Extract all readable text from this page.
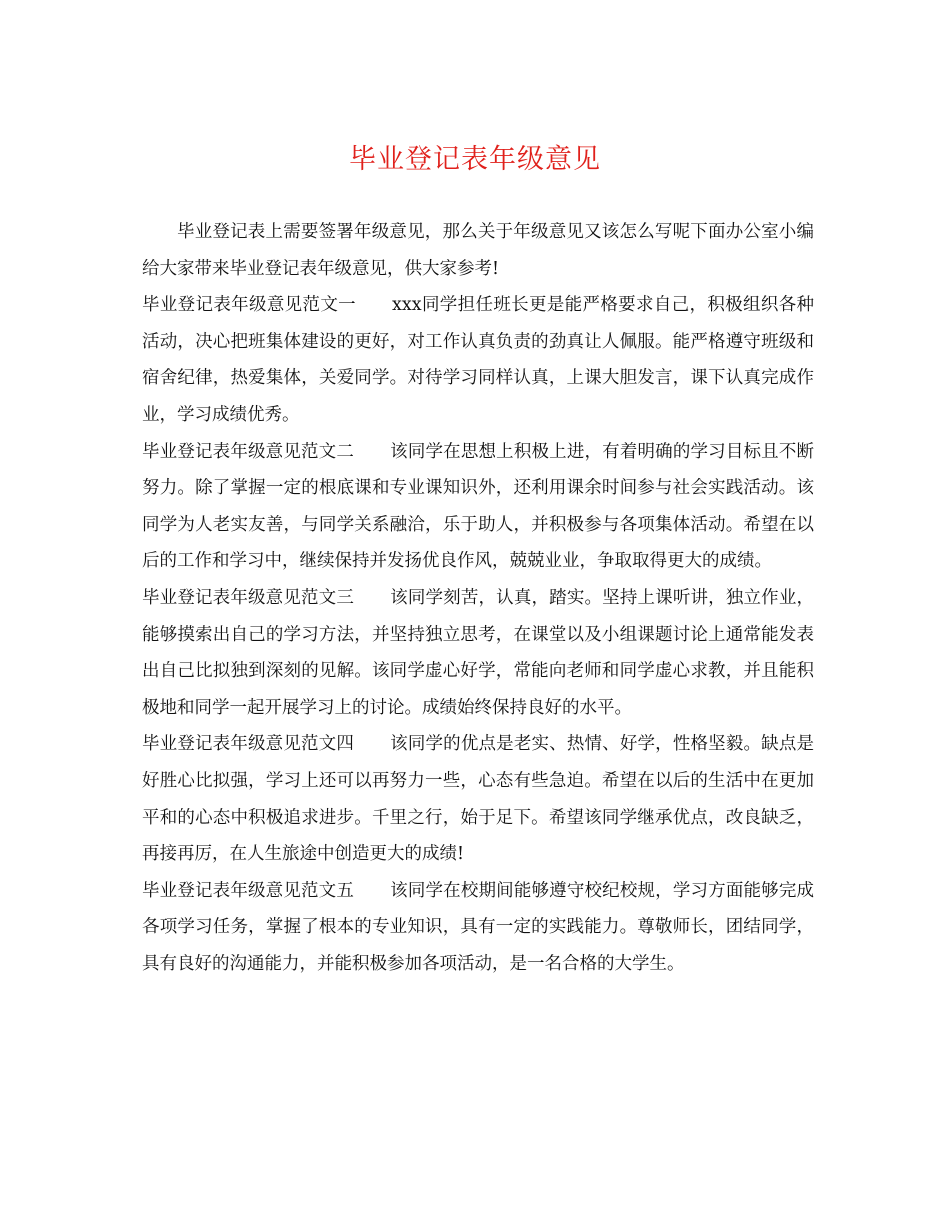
毕业登记表年级意见

毕业登记表上需要签署年级意见，那么关于年级意见又该怎么写呢下面办公室小编给大家带来毕业登记表年级意见，供大家参考!

毕业登记表年级意见范文一 xxx同学担任班长更是能严格要求自己，积极组织各种活动，决心把班集体建设的更好，对工作认真负责的劲真让人佩服。能严格遵守班级和宿舍纪律，热爱集体，关爱同学。对待学习同样认真，上课大胆发言，课下认真完成作业，学习成绩优秀。

毕业登记表年级意见范文二 该同学在思想上积极上进，有着明确的学习目标且不断努力。除了掌握一定的根底课和专业课知识外，还利用课余时间参与社会实践活动。该同学为人老实友善，与同学关系融洽，乐于助人，并积极参与各项集体活动。希望在以后的工作和学习中，继续保持并发扬优良作风，兢兢业业，争取取得更大的成绩。

毕业登记表年级意见范文三 该同学刻苦，认真，踏实。坚持上课听讲，独立作业，能够摸索出自己的学习方法，并坚持独立思考，在课堂以及小组课题讨论上通常能发表出自己比拟独到深刻的见解。该同学虚心好学，常能向老师和同学虚心求教，并且能积极地和同学一起开展学习上的讨论。成绩始终保持良好的水平。

毕业登记表年级意见范文四 该同学的优点是老实、热情、好学，性格坚毅。缺点是好胜心比拟强，学习上还可以再努力一些，心态有些急迫。希望在以后的生活中在更加平和的心态中积极追求进步。千里之行，始于足下。希望该同学继承优点，改良缺乏，再接再厉，在人生旅途中创造更大的成绩!

毕业登记表年级意见范文五 该同学在校期间能够遵守校纪校规，学习方面能够完成各项学习任务，掌握了根本的专业知识，具有一定的实践能力。尊敬师长，团结同学，具有良好的沟通能力，并能积极参加各项活动，是一名合格的大学生。
